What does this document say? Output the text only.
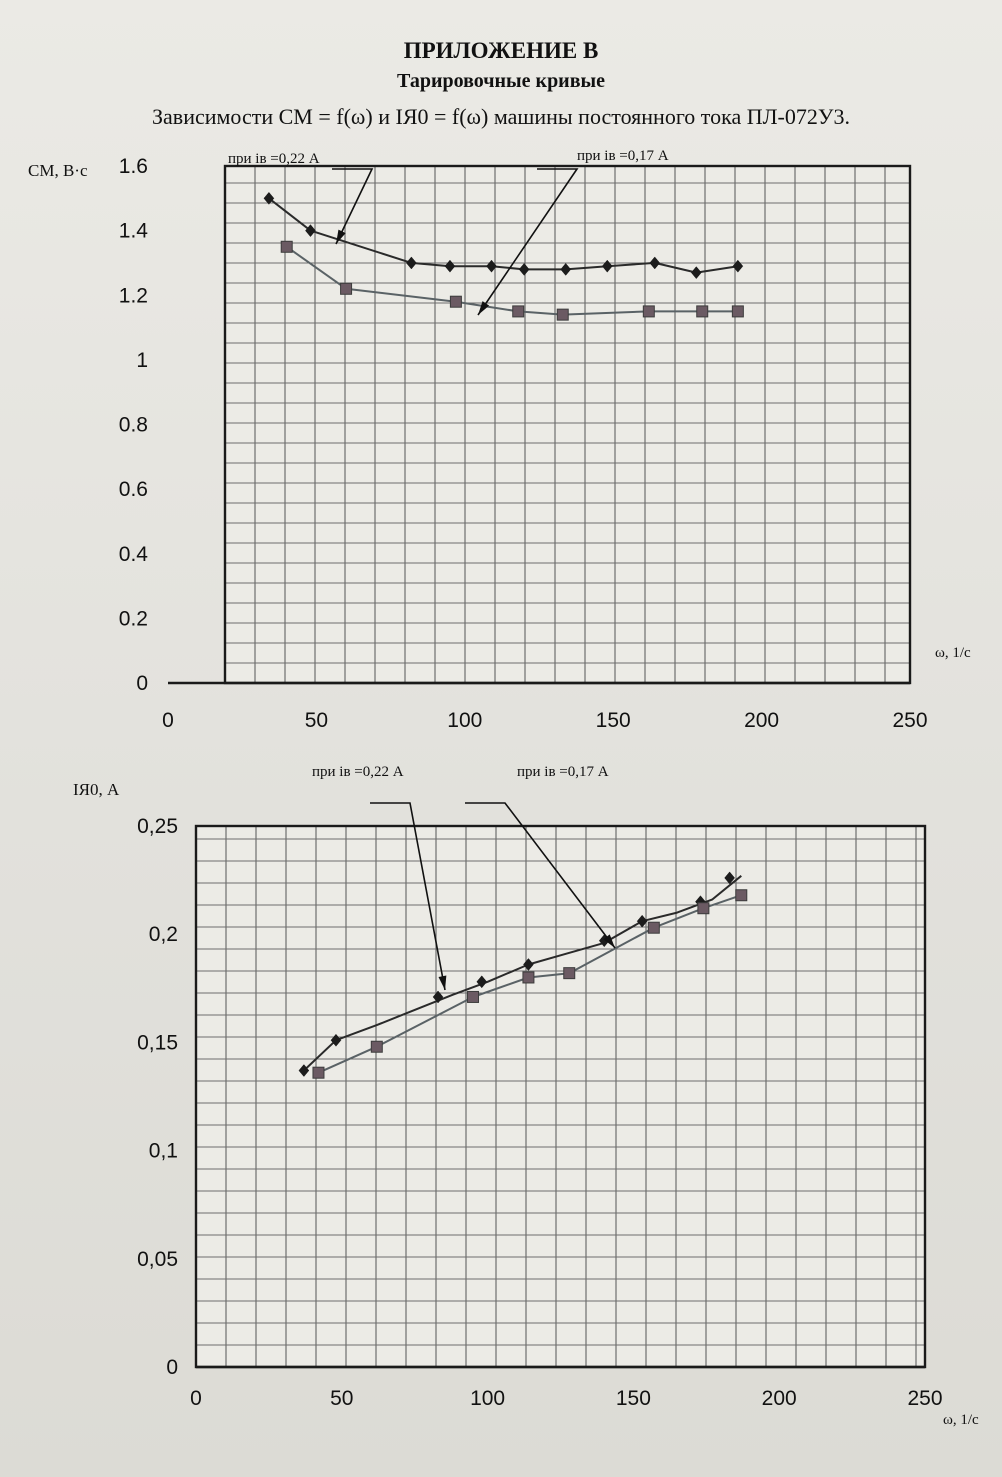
ПРИЛОЖЕНИЕ В
Тарировочные кривые
Зависимости CM = f(ω) и IЯ0 = f(ω) машины постоянного тока ПЛ-072У3.
0
0.2
0.4
0.6
0.8
1
1.2
1.4
1.6
0	50	100	150	200	250
CM, В·с
ω, 1/с
при iв =0,22 А	при iв =0,17 А
0
0,05
0,1
0,15
0,2
0,25
0	50	100	150	200	250
IЯ0, А
ω, 1/с
при iв =0,22 А	при iв =0,17 А
